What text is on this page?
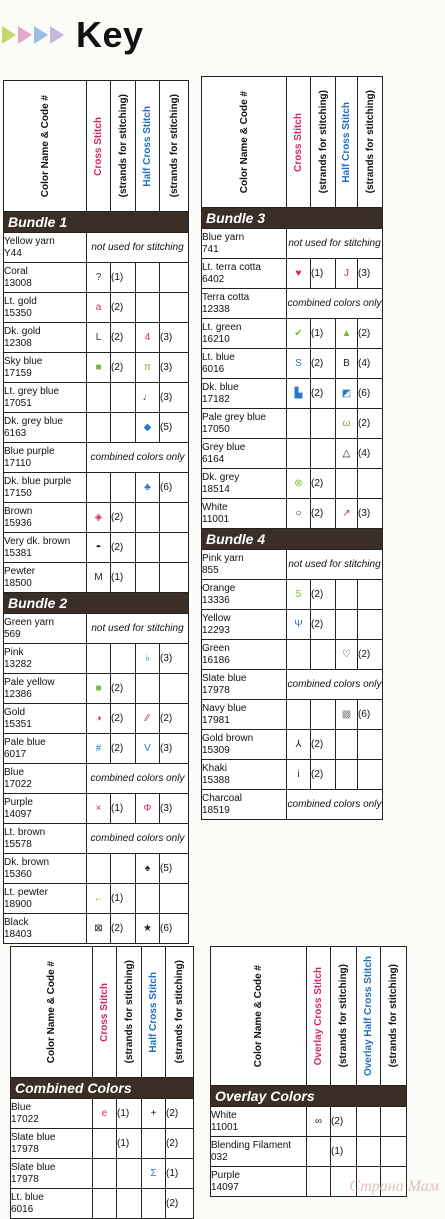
Key
Color Name & Code #	Cross Stitch	(strands for stitching)	Half Cross Stitch	(strands for stitching)

Bundle 1				

Yellow yarn
Y44	not used for stitching			

Coral
13008	?	(1)		

Lt. gold
15350	a	(2)		

Dk. gold
12308	L	(2)	4	(3)

Sky blue
17159	■	(2)	π	(3)

Lt. grey blue
17051			♩	(3)

Dk. grey blue
6163			◆	(5)

Blue purple
17110	combined colors only			

Dk. blue purple
17150			♣	(6)

Brown
15936	◈	(2)		

Very dk. brown
15381	◓	(2)		

Pewter
18500	M	(1)		
Bundle 2				

Green yarn
569	not used for stitching			

Pink
13282			♭	(3)

Pale yellow
12386	■	(2)		

Gold
15351	◑	(2)	⁄⁄	(2)

Pale blue
6017	#	(2)	V	(3)

Blue
17022	combined colors only			

Purple
14097	×	(1)	Φ	(3)

Lt. brown
15578	combined colors only			

Dk. brown
15360			♠	(5)

Lt. pewter
18900	←	(1)		

Black
18403	⊠	(2)	★	(6)
Color Name & Code #	Cross Stitch	(strands for stitching)	Half Cross Stitch	(strands for stitching)

Bundle 3				

Blue yarn
741	not used for stitching			

Lt. terra cotta
6402	♥	(1)	J	(3)

Terra cotta
12338	combined colors only			

Lt. green
16210	✔	(1)	▲	(2)

Lt. blue
6016	S	(2)	B	(4)

Dk. blue
17182	▙	(2)	◩	(6)

Pale grey blue
17050			ω	(2)

Grey blue
6164			△	(4)

Dk. grey
18514	⊗	(2)		

White
11001	○	(2)	↗	(3)
Bundle 4				

Pink yarn
855	not used for stitching			

Orange
13336	5	(2)		

Yellow
12293	Ψ	(2)		

Green
16186			♡	(2)

Slate blue
17978	combined colors only			

Navy blue
17981			▩	(6)

Gold brown
15309	⅄	(2)		

Khaki
15388	i	(2)		

Charcoal
18519	combined colors only			
Color Name & Code #	Cross Stitch	(strands for stitching)	Half Cross Stitch	(strands for stitching)

Combined Colors				

Blue
17022	e	(1)	+	(2)

Slate blue
17978		(1)		(2)

Slate blue
17978			Σ	(1)

Lt. blue
6016				(2)
Color Name & Code #	Overlay Cross Stitch	(strands for stitching)	Overlay Half Cross Stitch	(strands for stitching)

Overlay Colors				

White
11001	∞	(2)		

Blending Filament
032		(1)		

Purple
14097				
					Страна Мам
